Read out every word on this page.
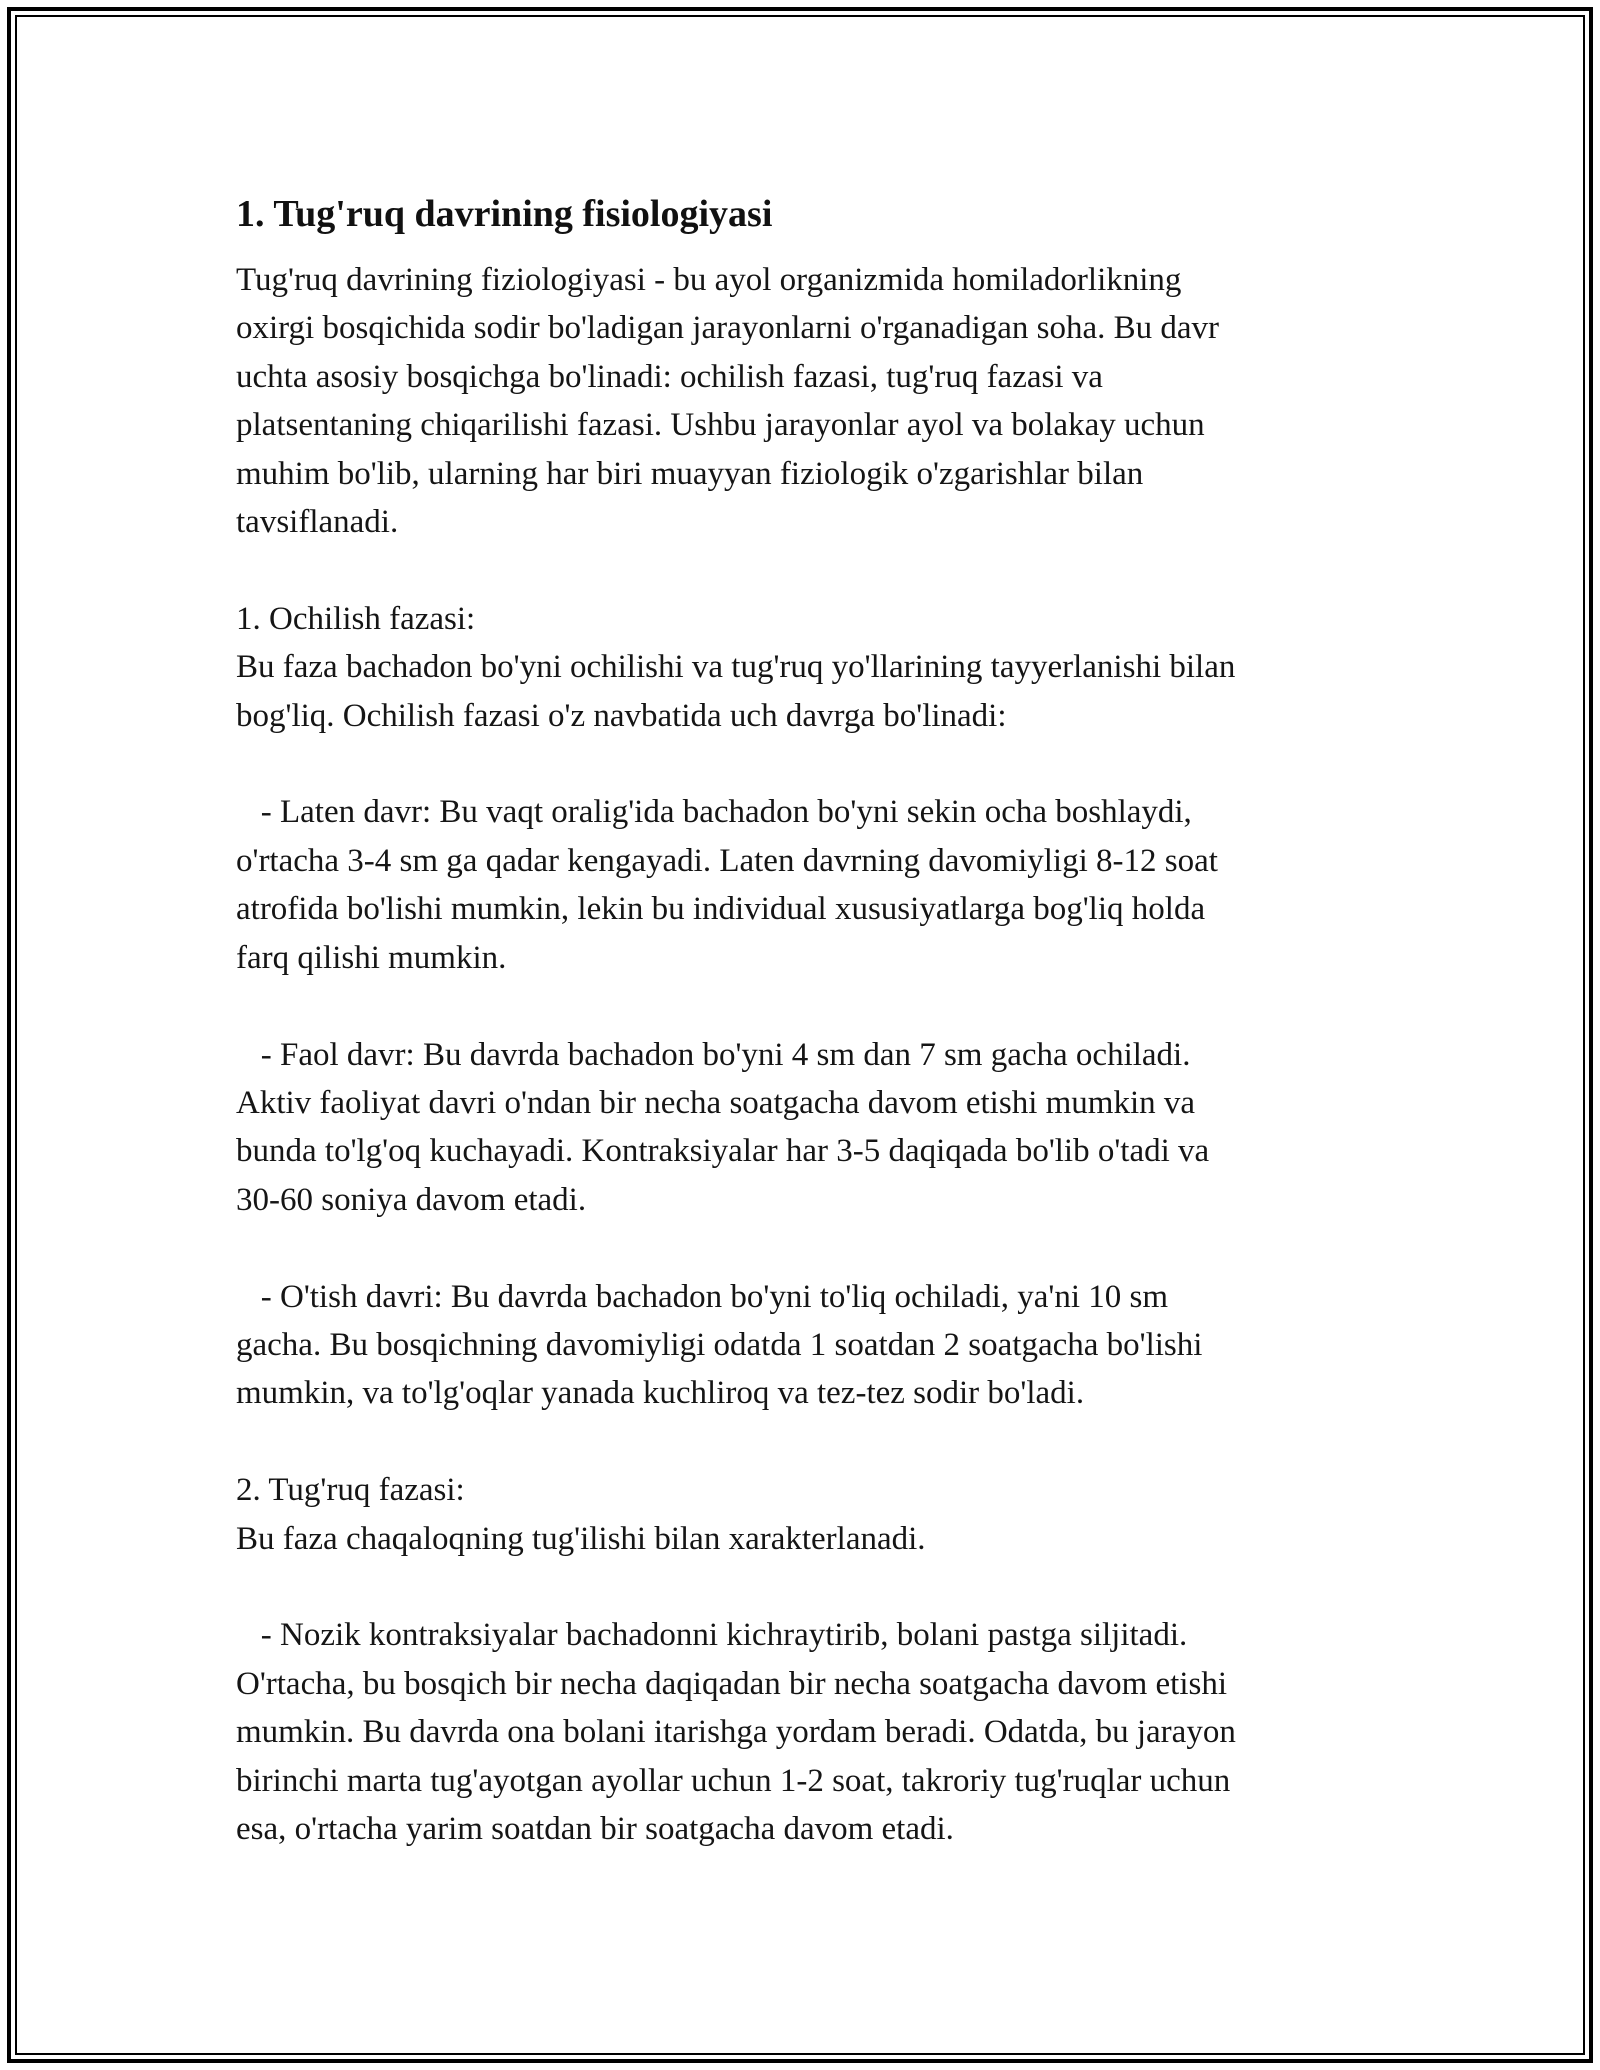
1. Tug'ruq davrining fisiologiyasi

Tug'ruq davrining fiziologiyasi - bu ayol organizmida homiladorlikning
oxirgi bosqichida sodir bo'ladigan jarayonlarni o'rganadigan soha. Bu davr
uchta asosiy bosqichga bo'linadi: ochilish fazasi, tug'ruq fazasi va
platsentaning chiqarilishi fazasi. Ushbu jarayonlar ayol va bolakay uchun
muhim bo'lib, ularning har biri muayyan fiziologik o'zgarishlar bilan
tavsiflanadi.

1. Ochilish fazasi:
Bu faza bachadon bo'yni ochilishi va tug'ruq yo'llarining tayyerlanishi bilan
bog'liq. Ochilish fazasi o'z navbatida uch davrga bo'linadi:

- Laten davr: Bu vaqt oralig'ida bachadon bo'yni sekin ocha boshlaydi,
o'rtacha 3-4 sm ga qadar kengayadi. Laten davrning davomiyligi 8-12 soat
atrofida bo'lishi mumkin, lekin bu individual xususiyatlarga bog'liq holda
farq qilishi mumkin.

- Faol davr: Bu davrda bachadon bo'yni 4 sm dan 7 sm gacha ochiladi.
Aktiv faoliyat davri o'ndan bir necha soatgacha davom etishi mumkin va
bunda to'lg'oq kuchayadi. Kontraksiyalar har 3-5 daqiqada bo'lib o'tadi va
30-60 soniya davom etadi.

- O'tish davri: Bu davrda bachadon bo'yni to'liq ochiladi, ya'ni 10 sm
gacha. Bu bosqichning davomiyligi odatda 1 soatdan 2 soatgacha bo'lishi
mumkin, va to'lg'oqlar yanada kuchliroq va tez-tez sodir bo'ladi.

2. Tug'ruq fazasi:
Bu faza chaqaloqning tug'ilishi bilan xarakterlanadi.

- Nozik kontraksiyalar bachadonni kichraytirib, bolani pastga siljitadi.
O'rtacha, bu bosqich bir necha daqiqadan bir necha soatgacha davom etishi
mumkin. Bu davrda ona bolani itarishga yordam beradi. Odatda, bu jarayon
birinchi marta tug'ayotgan ayollar uchun 1-2 soat, takroriy tug'ruqlar uchun
esa, o'rtacha yarim soatdan bir soatgacha davom etadi.
